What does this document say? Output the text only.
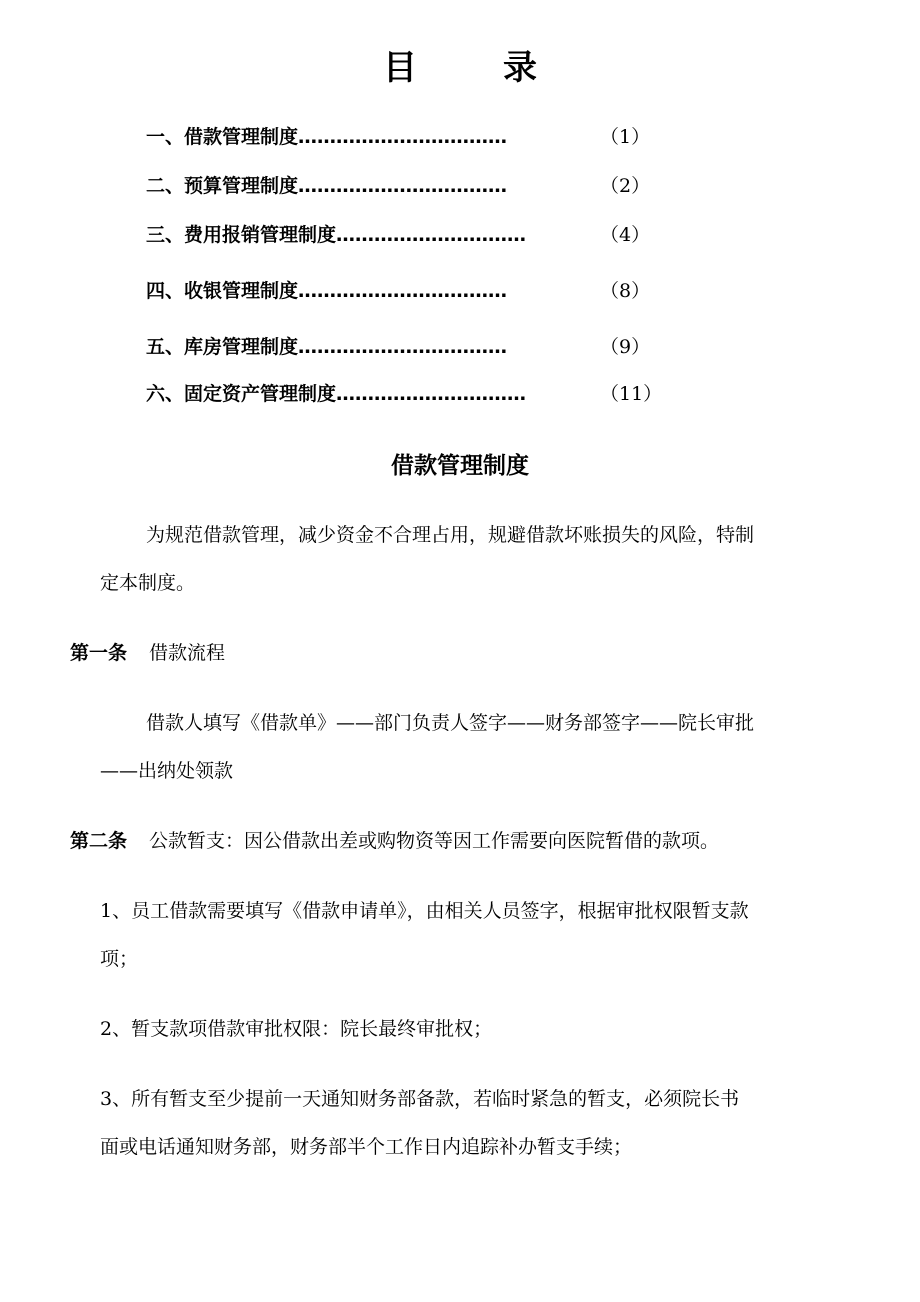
目	录
一、借款管理制度……………………………	（1）
二、预算管理制度……………………………	（2）
三、费用报销管理制度…………………………	（4）
四、收银管理制度……………………………	（8）
五、库房管理制度……………………………	（9）
六、固定资产管理制度…………………………	（11）
借款管理制度
为规范借款管理，减少资金不合理占用，规避借款坏账损失的风险，特制
定本制度。
第一条 借款流程
借款人填写《借款单》——部门负责人签字——财务部签字——院长审批
——出纳处领款
第二条 公款暂支：因公借款出差或购物资等因工作需要向医院暂借的款项。
1、员工借款需要填写《借款申请单》，由相关人员签字，根据审批权限暂支款
项；
2、暂支款项借款审批权限：院长最终审批权；
3、所有暂支至少提前一天通知财务部备款，若临时紧急的暂支，必须院长书
面或电话通知财务部，财务部半个工作日内追踪补办暂支手续；
